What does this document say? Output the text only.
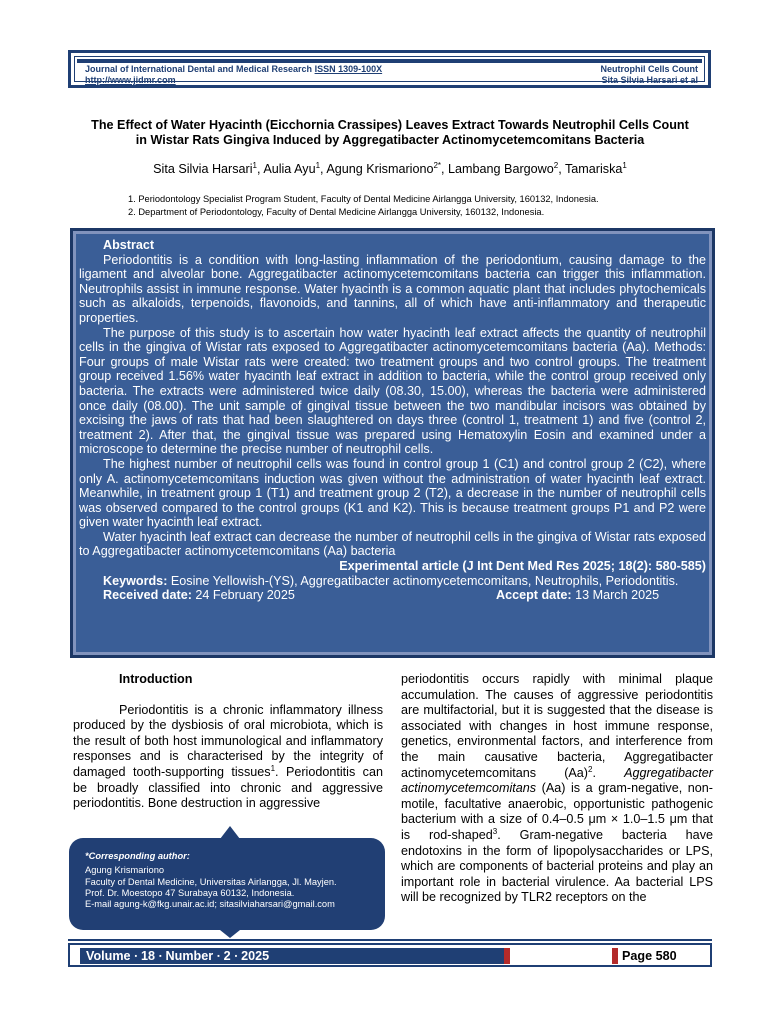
Journal of International Dental and Medical Research ISSN 1309-100X
http://www.jidmr.com
Neutrophil Cells Count
Sita Silvia Harsari et al
The Effect of Water Hyacinth (Eicchornia Crassipes) Leaves Extract Towards Neutrophil Cells Count
in Wistar Rats Gingiva Induced by Aggregatibacter Actinomycetemcomitans Bacteria
Sita Silvia Harsari$^1$, Aulia Ayu$^1$, Agung Krismariono$^{2*}$, Lambang Bargowo$^2$, Tamariska$^1$
1. Periodontology Specialist Program Student, Faculty of Dental Medicine Airlangga University, 160132, Indonesia.
2. Department of Periodontology, Faculty of Dental Medicine Airlangga University, 160132, Indonesia.
Abstract

Periodontitis is a condition with long-lasting inflammation of the periodontium, causing damage to the ligament and alveolar bone. Aggregatibacter actinomycetemcomitans bacteria can trigger this inflammation. Neutrophils assist in immune response. Water hyacinth is a common aquatic plant that includes phytochemicals such as alkaloids, terpenoids, flavonoids, and tannins, all of which have anti-inflammatory and therapeutic properties.

The purpose of this study is to ascertain how water hyacinth leaf extract affects the quantity of neutrophil cells in the gingiva of Wistar rats exposed to Aggregatibacter actinomycetemcomitans bacteria (Aa). Methods: Four groups of male Wistar rats were created: two treatment groups and two control groups. The treatment group received 1.56% water hyacinth leaf extract in addition to bacteria, while the control group received only bacteria. The extracts were administered twice daily (08.30, 15.00), whereas the bacteria were administered once daily (08.00). The unit sample of gingival tissue between the two mandibular incisors was obtained by excising the jaws of rats that had been slaughtered on days three (control 1, treatment 1) and five (control 2, treatment 2). After that, the gingival tissue was prepared using Hematoxylin Eosin and examined under a microscope to determine the precise number of neutrophil cells.

The highest number of neutrophil cells was found in control group 1 (C1) and control group 2 (C2), where only A. actinomycetemcomitans induction was given without the administration of water hyacinth leaf extract. Meanwhile, in treatment group 1 (T1) and treatment group 2 (T2), a decrease in the number of neutrophil cells was observed compared to the control groups (K1 and K2). This is because treatment groups P1 and P2 were given water hyacinth leaf extract.

Water hyacinth leaf extract can decrease the number of neutrophil cells in the gingiva of Wistar rats exposed to Aggregatibacter actinomycetemcomitans (Aa) bacteria

Experimental article (J Int Dent Med Res 2025; 18(2): 580-585)
Keywords: Eosine Yellowish-(YS), Aggregatibacter actinomycetemcomitans, Neutrophils, Periodontitis.
Received date: 24 February 2025	Accept date: 13 March 2025
Introduction

Periodontitis is a chronic inflammatory illness produced by the dysbiosis of oral microbiota, which is the result of both host immunological and inflammatory responses and is characterised by the integrity of damaged tooth-supporting tissues$^1$. Periodontitis can be broadly classified into chronic and aggressive periodontitis. Bone destruction in aggressive

periodontitis occurs rapidly with minimal plaque accumulation. The causes of aggressive periodontitis are multifactorial, but it is suggested that the disease is associated with changes in host immune response, genetics, environmental factors, and interference from the main causative bacteria, Aggregatibacter actinomycetemcomitans $(Aa)^2$. Aggregatibacter actinomycetemcomitans (Aa) is a gram-negative, non-motile, facultative anaerobic, opportunistic pathogenic bacterium with a size of 0.4–0.5 μm × 1.0–1.5 μm that is rod-shaped$^3$. Gram-negative bacteria have endotoxins in the form of lipopolysaccharides or LPS, which are components of bacterial proteins and play an important role in bacterial virulence. Aa bacterial LPS will be recognized by TLR2 receptors on the

*Corresponding author:
Agung Krismariono
Faculty of Dental Medicine, Universitas Airlangga, Jl. Mayjen.
Prof. Dr. Moestopo 47 Surabaya 60132, Indonesia.
E-mail agung-k@fkg.unair.ac.id; sitasilviaharsari@gmail.com
Volume ∙ 18 ∙ Number ∙ 2 ∙ 2025	Page 580
